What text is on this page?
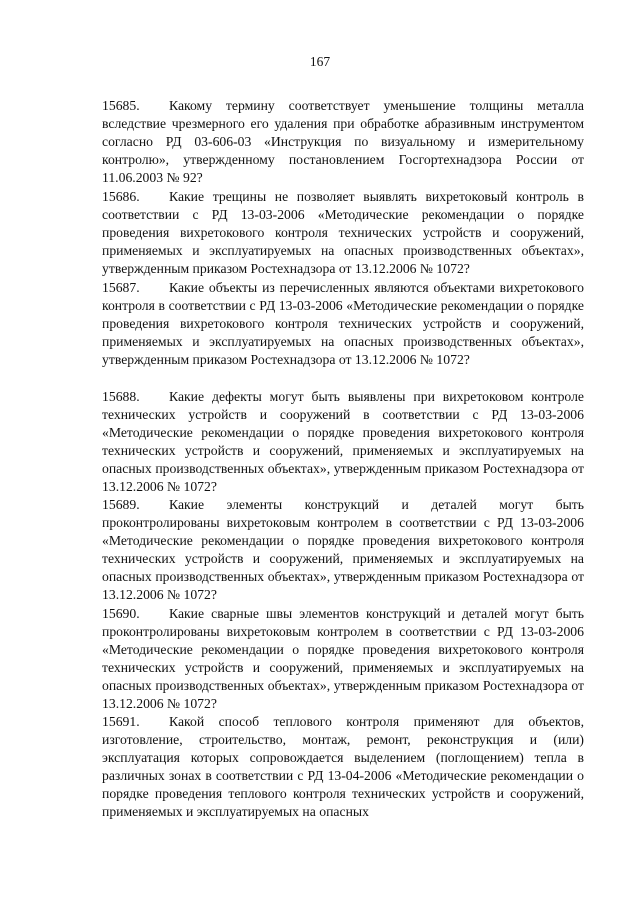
167
15685.	Какому термину соответствует уменьшение толщины металла вследствие чрезмерного его удаления при обработке абразивным инструментом согласно РД 03-606-03 «Инструкция по визуальному и измерительному контролю», утвержденному постановлением Госгортехнадзора России от 11.06.2003 № 92?

15686.	Какие трещины не позволяет выявлять вихретоковый контроль в соответствии с РД 13-03-2006 «Методические рекомендации о порядке проведения вихретокового контроля технических устройств и сооружений, применяемых и эксплуатируемых на опасных производственных объектах», утвержденным приказом Ростехнадзора от 13.12.2006 № 1072?

15687.	Какие объекты из перечисленных являются объектами вихретокового контроля в соответствии с РД 13-03-2006 «Методические рекомендации о порядке проведения вихретокового контроля технических устройств и сооружений, применяемых и эксплуатируемых на опасных производственных объектах», утвержденным приказом Ростехнадзора от 13.12.2006 № 1072?

15688.	Какие дефекты могут быть выявлены при вихретоковом контроле технических устройств и сооружений в соответствии с РД 13-03-2006 «Методические рекомендации о порядке проведения вихретокового контроля технических устройств и сооружений, применяемых и эксплуатируемых на опасных производственных объектах», утвержденным приказом Ростехнадзора от 13.12.2006 № 1072?

15689.	Какие элементы конструкций и деталей могут быть проконтролированы вихретоковым контролем в соответствии с РД 13-03-2006 «Методические рекомендации о порядке проведения вихретокового контроля технических устройств и сооружений, применяемых и эксплуатируемых на опасных производственных объектах», утвержденным приказом Ростехнадзора от 13.12.2006 № 1072?

15690.	Какие сварные швы элементов конструкций и деталей могут быть проконтролированы вихретоковым контролем в соответствии с РД 13-03-2006 «Методические рекомендации о порядке проведения вихретокового контроля технических устройств и сооружений, применяемых и эксплуатируемых на опасных производственных объектах», утвержденным приказом Ростехнадзора от 13.12.2006 № 1072?

15691.	Какой способ теплового контроля применяют для объектов, изготовление, строительство, монтаж, ремонт, реконструкция и (или) эксплуатация которых сопровождается выделением (поглощением) тепла в различных зонах в соответствии с РД 13-04-2006 «Методические рекомендации о порядке проведения теплового контроля технических устройств и сооружений, применяемых и эксплуатируемых на опасных
